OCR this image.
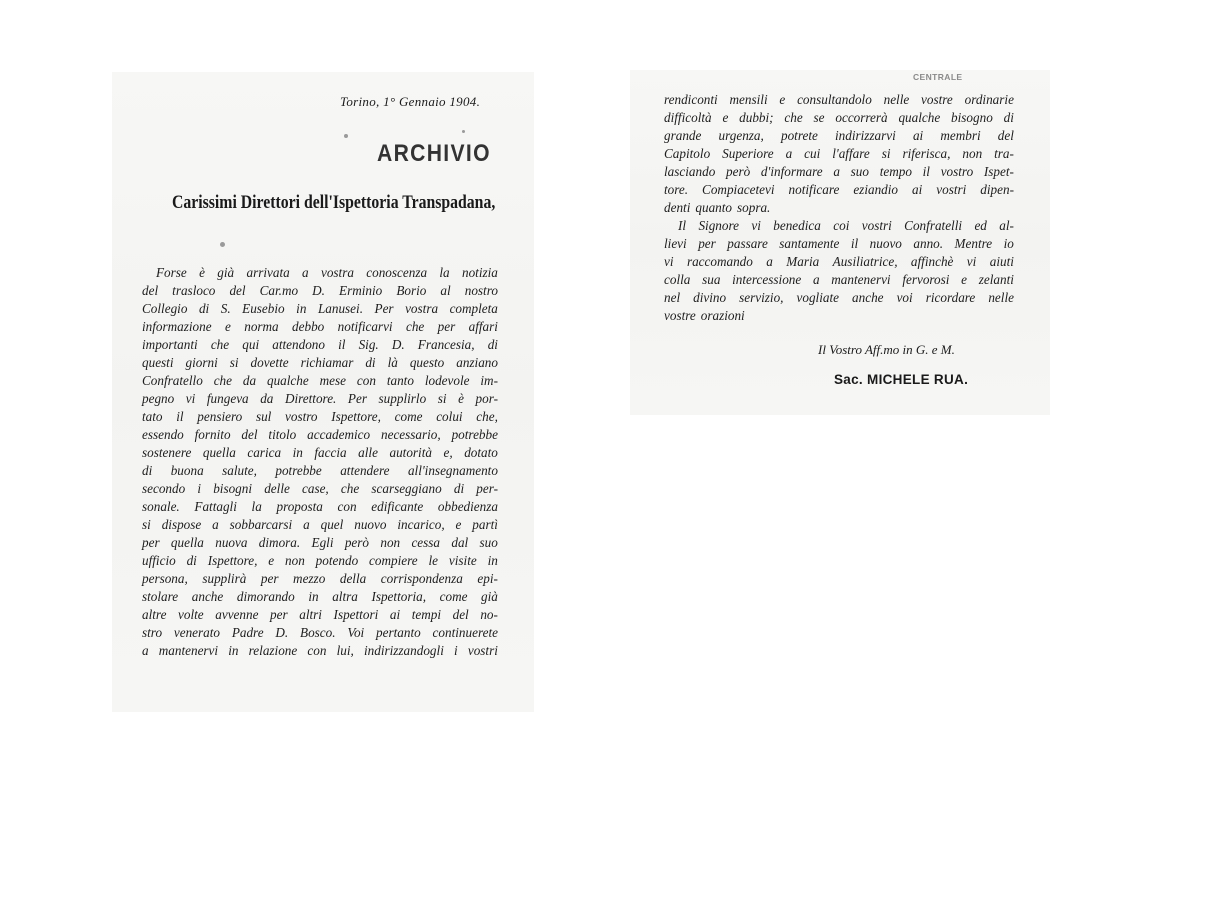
Torino, 1° Gennaio 1904.
ARCHIVIO
Carissimi Direttori dell'Ispettoria Transpadana,
Forse è già arrivata a vostra conoscenza la notizia
del trasloco del Car.mo D. Erminio Borio al nostro
Collegio di S. Eusebio in Lanusei. Per vostra completa
informazione e norma debbo notificarvi che per affari
importanti che qui attendono il Sig. D. Francesia, di
questi giorni si dovette richiamar di là questo anziano
Confratello che da qualche mese con tanto lodevole im-
pegno vi fungeva da Direttore. Per supplirlo si è por-
tato il pensiero sul vostro Ispettore, come colui che,
essendo fornito del titolo accademico necessario, potrebbe
sostenere quella carica in faccia alle autorità e, dotato
di buona salute, potrebbe attendere all'insegnamento
secondo i bisogni delle case, che scarseggiano di per-
sonale. Fattagli la proposta con edificante obbedienza
si dispose a sobbarcarsi a quel nuovo incarico, e partì
per quella nuova dimora. Egli però non cessa dal suo
ufficio di Ispettore, e non potendo compiere le visite in
persona, supplirà per mezzo della corrispondenza epi-
stolare anche dimorando in altra Ispettoria, come già
altre volte avvenne per altri Ispettori ai tempi del no-
stro venerato Padre D. Bosco. Voi pertanto continuerete
a mantenervi in relazione con lui, indirizzandogli i vostri
CENTRALE
rendiconti mensili e consultandolo nelle vostre ordinarie
difficoltà e dubbi; che se occorrerà qualche bisogno di
grande urgenza, potrete indirizzarvi ai membri del
Capitolo Superiore a cui l'affare si riferisca, non tra-
lasciando però d'informare a suo tempo il vostro Ispet-
tore. Compiacetevi notificare eziandio ai vostri dipen-
denti quanto sopra.
Il Signore vi benedica coi vostri Confratelli ed al-
lievi per passare santamente il nuovo anno. Mentre io
vi raccomando a Maria Ausiliatrice, affinchè vi aiuti
colla sua intercessione a mantenervi fervorosi e zelanti
nel divino servizio, vogliate anche voi ricordare nelle
vostre orazioni
Il Vostro Aff.mo in G. e M.
Sac. MICHELE RUA.
